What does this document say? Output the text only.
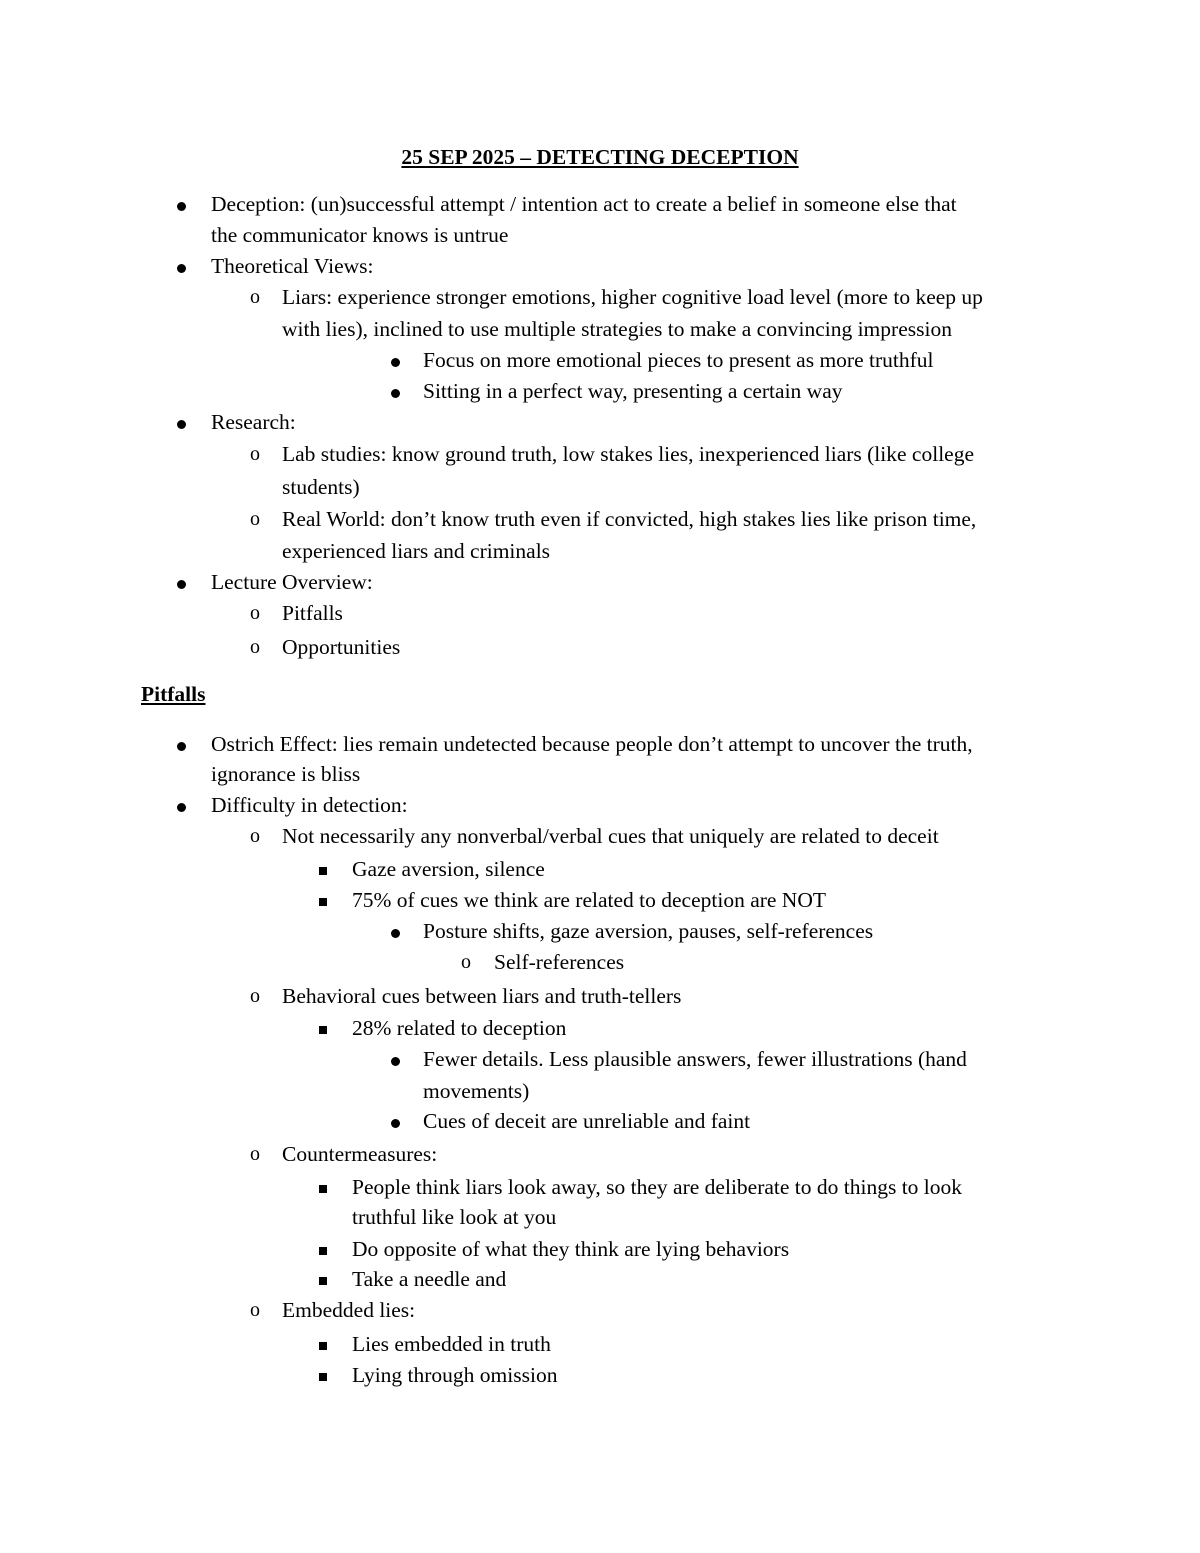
25 SEP 2025 – DETECTING DECEPTION
Deception: (un)successful attempt / intention act to create a belief in someone else that
the communicator knows is untrue
Theoretical Views:
o Liars: experience stronger emotions, higher cognitive load level (more to keep up
with lies), inclined to use multiple strategies to make a convincing impression
Focus on more emotional pieces to present as more truthful
Sitting in a perfect way, presenting a certain way
Research:
o Lab studies: know ground truth, low stakes lies, inexperienced liars (like college
students)
o Real World: don’t know truth even if convicted, high stakes lies like prison time,
experienced liars and criminals
Lecture Overview:
o Pitfalls
o Opportunities
Pitfalls
Ostrich Effect: lies remain undetected because people don’t attempt to uncover the truth,
ignorance is bliss
Difficulty in detection:
o Not necessarily any nonverbal/verbal cues that uniquely are related to deceit
Gaze aversion, silence
75% of cues we think are related to deception are NOT
Posture shifts, gaze aversion, pauses, self-references
o Self-references
o Behavioral cues between liars and truth-tellers
28% related to deception
Fewer details. Less plausible answers, fewer illustrations (hand
movements)
Cues of deceit are unreliable and faint
o Countermeasures:
People think liars look away, so they are deliberate to do things to look
truthful like look at you
Do opposite of what they think are lying behaviors
Take a needle and
o Embedded lies:
Lies embedded in truth
Lying through omission
